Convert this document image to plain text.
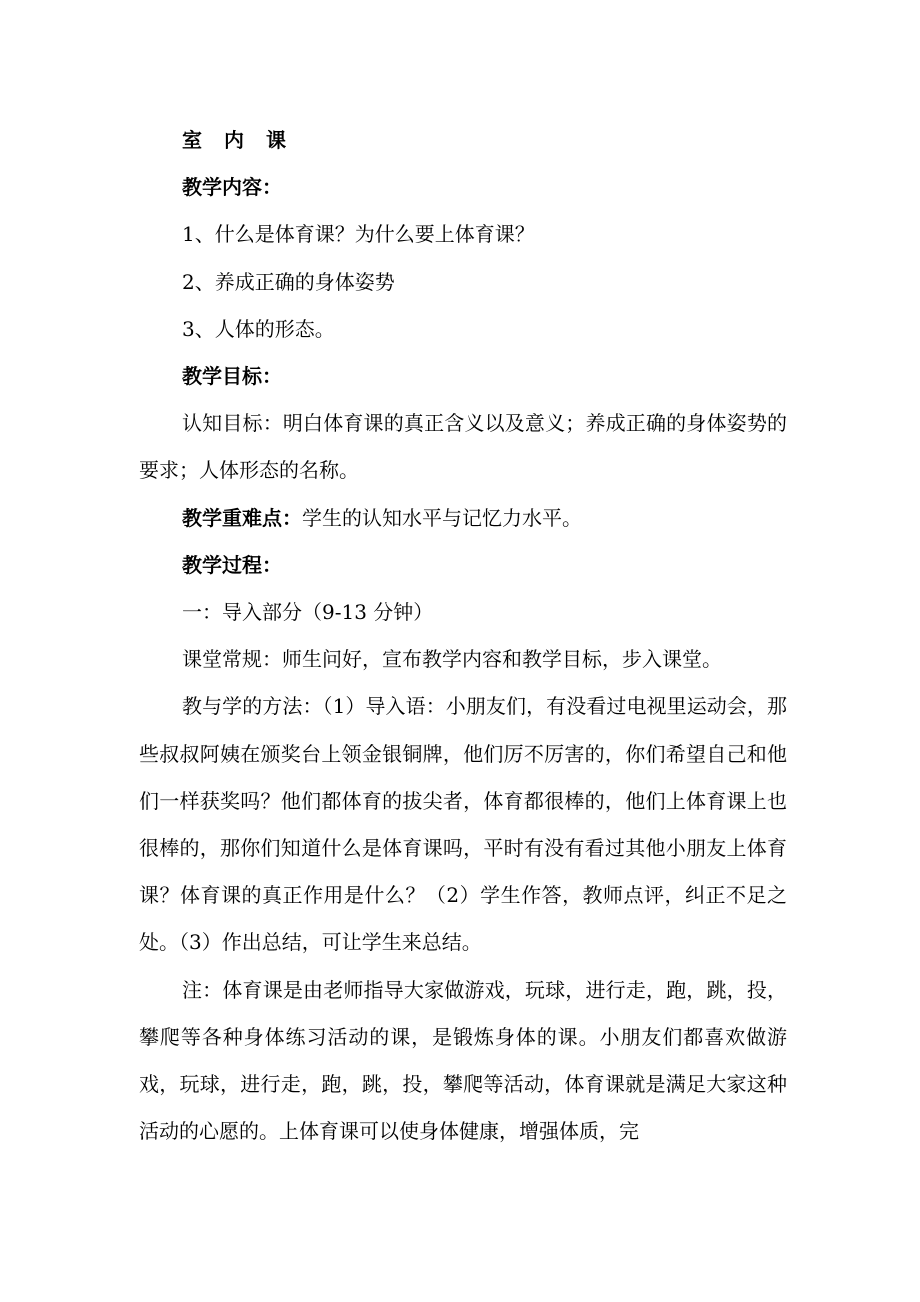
室内课

教学内容：

1、什么是体育课？为什么要上体育课？

2、养成正确的身体姿势

3、人体的形态。

教学目标：

认知目标：明白体育课的真正含义以及意义；养成正确的身体姿势的要求；人体形态的名称。

教学重难点：学生的认知水平与记忆力水平。

教学过程：

一：导入部分（9-13 分钟）

课堂常规：师生问好，宣布教学内容和教学目标，步入课堂。

教与学的方法：（1）导入语：小朋友们，有没看过电视里运动会，那些叔叔阿姨在颁奖台上领金银铜牌，他们厉不厉害的，你们希望自己和他们一样获奖吗？他们都体育的拔尖者，体育都很棒的，他们上体育课上也很棒的，那你们知道什么是体育课吗，平时有没有看过其他小朋友上体育课？体育课的真正作用是什么？（2）学生作答，教师点评，纠正不足之处。（3）作出总结，可让学生来总结。

注：体育课是由老师指导大家做游戏，玩球，进行走，跑，跳，投，攀爬等各种身体练习活动的课，是锻炼身体的课。小朋友们都喜欢做游戏，玩球，进行走，跑，跳，投，攀爬等活动，体育课就是满足大家这种活动的心愿的。上体育课可以使身体健康，增强体质，完
